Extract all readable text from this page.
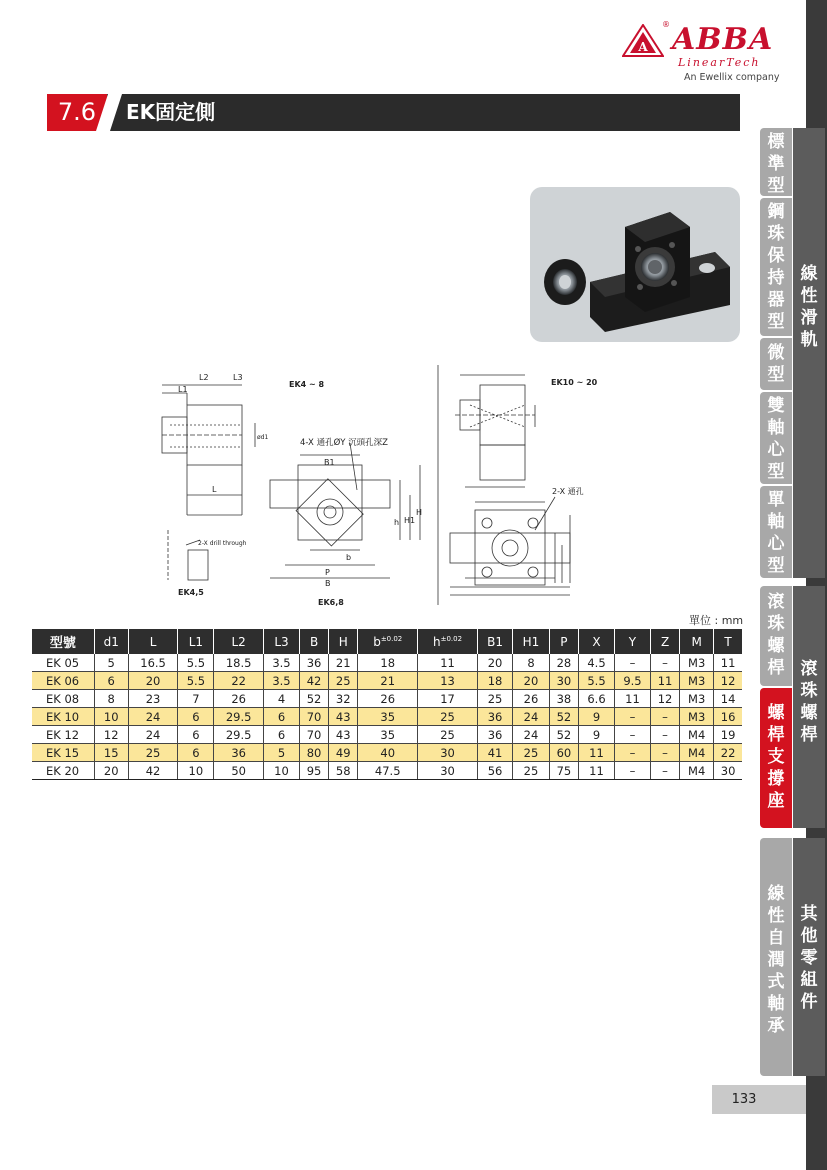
A
® ABBA
LinearTech
An Ewellix company
7.6	EK固定側
L2	L3
L1
L
ød1
EK4 ~ 8
4-X 通孔ØY 沉頭孔深Z
B1
b
P
B
h H1
H
2-X drill through
EK4,5
EK6,8
EK10 ~ 20
2-X 通孔
單位 : mm
型號	d1	L	L1	L2	L3	B	H	$b^{\pm 0.02}$	$h^{\pm 0.02}$	B1	H1	P	X	Y	Z	M	T
EK 05	5	16.5	5.5	18.5	3.5	36	21	18	11	20	8	28	4.5	–	–	M3	11
EK 06	6	20	5.5	22	3.5	42	25	21	13	18	20	30	5.5	9.5	11	M3	12
EK 08	8	23	7	26	4	52	32	26	17	25	26	38	6.6	11	12	M3	14
EK 10	10	24	6	29.5	6	70	43	35	25	36	24	52	9	–	–	M3	16
EK 12	12	24	6	29.5	6	70	43	35	25	36	24	52	9	–	–	M4	19
EK 15	15	25	6	36	5	80	49	40	30	41	25	60	11	–	–	M4	22
EK 20	20	42	10	50	10	95	58	47.5	30	56	25	75	11	–	–	M4	30
標準型
鋼珠保持器型
微型
雙軸心型
單軸心型
線性滑軌
滾珠螺桿
螺桿支撐座
滾珠螺桿
線性自潤式軸承
其他零組件
133
